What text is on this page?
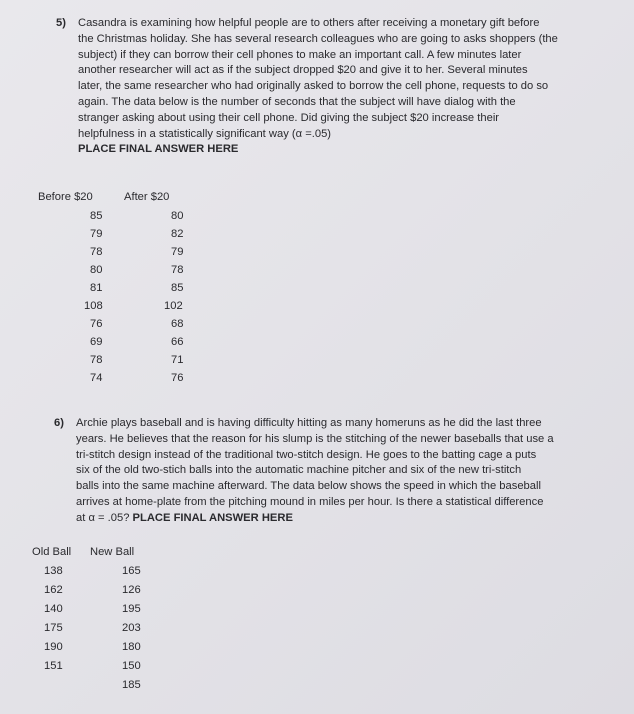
5) Casandra is examining how helpful people are to others after receiving a monetary gift before
the Christmas holiday. She has several research colleagues who are going to asks shoppers (the
subject) if they can borrow their cell phones to make an important call. A few minutes later
another researcher will act as if the subject dropped $20 and give it to her. Several minutes
later, the same researcher who had originally asked to borrow the cell phone, requests to do so
again. The data below is the number of seconds that the subject will have dialog with the
stranger asking about using their cell phone. Did giving the subject $20 increase their
helpfulness in a statistically significant way (α =.05)
PLACE FINAL ANSWER HERE
Before $20	After $20
85
79
78
80
81
108
76
69
78
74
80
82
79
78
85
102
68
66
71
76
6) Archie plays baseball and is having difficulty hitting as many homeruns as he did the last three
years. He believes that the reason for his slump is the stitching of the newer baseballs that use a
tri-stitch design instead of the traditional two-stitch design. He goes to the batting cage a puts
six of the old two-stich balls into the automatic machine pitcher and six of the new tri-stitch
balls into the same machine afterward. The data below shows the speed in which the baseball
arrives at home-plate from the pitching mound in miles per hour. Is there a statistical difference
at α = .05? PLACE FINAL ANSWER HERE
Old Ball New Ball
138
162
140
175
190
151
165
126
195
203
180
150
185
